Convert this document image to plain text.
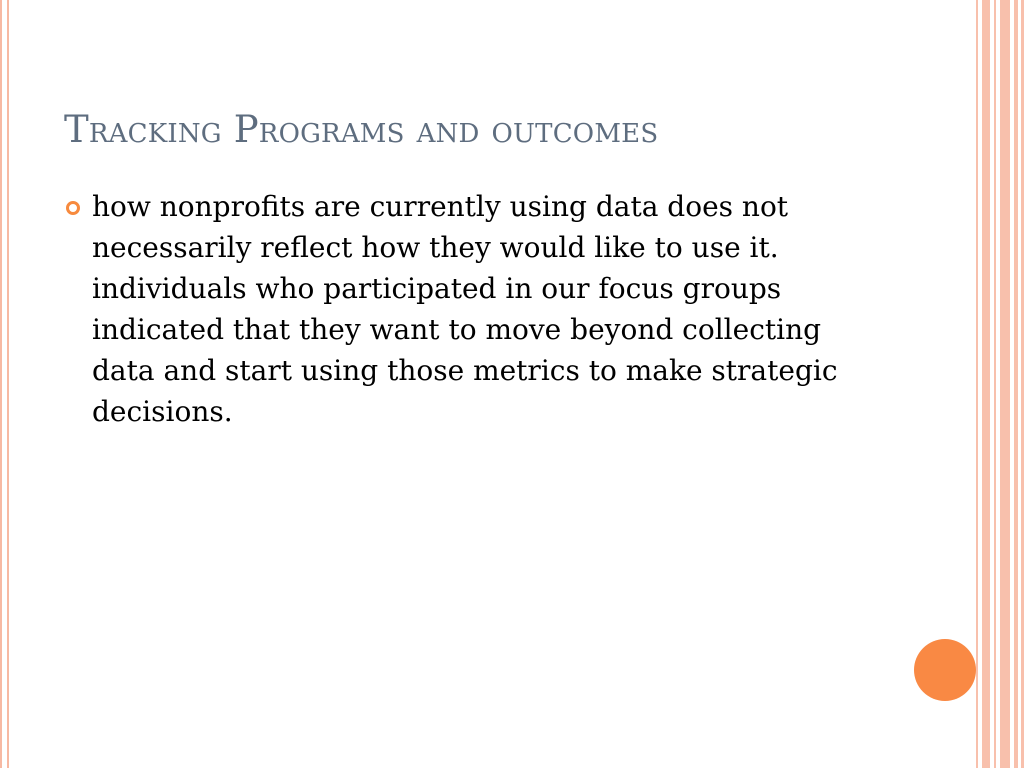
Tracking Programs and outcomes
how nonprofits are currently using data does not necessarily reflect how they would like to use it. individuals who participated in our focus groups indicated that they want to move beyond collecting data and start using those metrics to make strategic decisions.
